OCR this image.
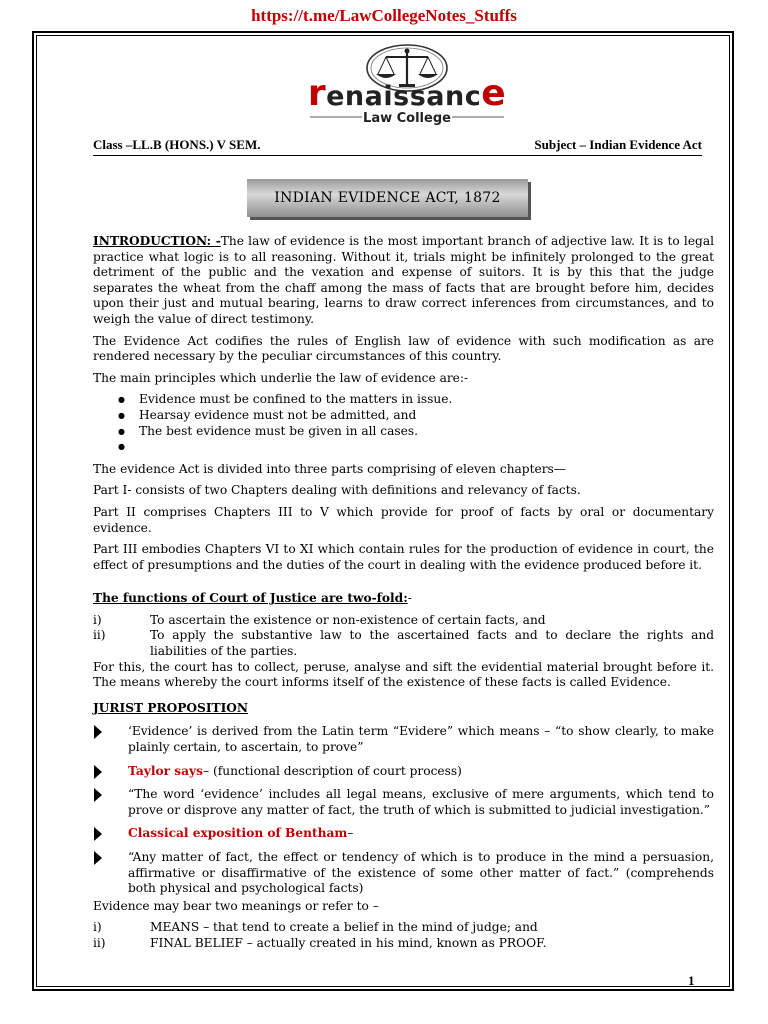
https://t.me/LawCollegeNotes_Stuffs
renaissance
Law College
Class –LL.B (HONS.) V SEM.	Subject – Indian Evidence Act
INDIAN EVIDENCE ACT, 1872

INTRODUCTION: -The law of evidence is the most important branch of adjective law. It is to legal practice what logic is to all reasoning. Without it, trials might be infinitely prolonged to the great detriment of the public and the vexation and expense of suitors. It is by this that the judge separates the wheat from the chaff among the mass of facts that are brought before him, decides upon their just and mutual bearing, learns to draw correct inferences from circumstances, and to weigh the value of direct testimony.

The Evidence Act codifies the rules of English law of evidence with such modification as are rendered necessary by the peculiar circumstances of this country.

The main principles which underlie the law of evidence are:-

● Evidence must be confined to the matters in issue.
● Hearsay evidence must not be admitted, and
● The best evidence must be given in all cases.
●

The evidence Act is divided into three parts comprising of eleven chapters—

Part I- consists of two Chapters dealing with definitions and relevancy of facts.

Part II comprises Chapters III to V which provide for proof of facts by oral or documentary evidence.

Part III embodies Chapters VI to XI which contain rules for the production of evidence in court, the effect of presumptions and the duties of the court in dealing with the evidence produced before it.

The functions of Court of Justice are two-fold:-
i)	To ascertain the existence or non-existence of certain facts, and
ii)	To apply the substantive law to the ascertained facts and to declare the rights and liabilities of the parties.

For this, the court has to collect, peruse, analyse and sift the evidential material brought before it. The means whereby the court informs itself of the existence of these facts is called Evidence.

JURIST PROPOSITION
‘Evidence’ is derived from the Latin term “Evidere” which means – “to show clearly, to make plainly certain, to ascertain, to prove”
Taylor says– (functional description of court process)
“The word ‘evidence’ includes all legal means, exclusive of mere arguments, which tend to prove or disprove any matter of fact, the truth of which is submitted to judicial investigation.”
Classical exposition of Bentham–
“Any matter of fact, the effect or tendency of which is to produce in the mind a persuasion, affirmative or disaffirmative of the existence of some other matter of fact.” (comprehends both physical and psychological facts)

Evidence may bear two meanings or refer to –

i)	MEANS – that tend to create a belief in the mind of judge; and
ii)	FINAL BELIEF – actually created in his mind, known as PROOF.
1
